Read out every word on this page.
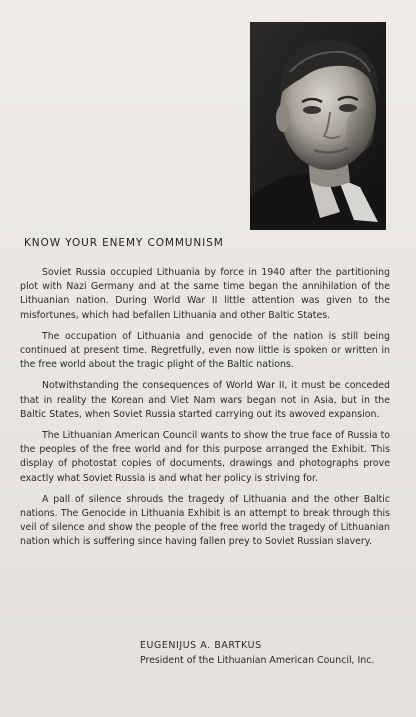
KNOW YOUR ENEMY COMMUNISM

Soviet Russia occupied Lithuania by force in 1940 after the partitioning plot with Nazi Germany and at the same time began the annihilation of the Lithuanian nation. During World War II little attention was given to the misfortunes, which had befallen Lithuania and other Baltic States.

The occupation of Lithuania and genocide of the nation is still being continued at present time. Regretfully, even now little is spoken or written in the free world about the tragic plight of the Baltic nations.

Notwithstanding the consequences of World War II, it must be conceded that in reality the Korean and Viet Nam wars began not in Asia, but in the Baltic States, when Soviet Russia started carrying out its awoved expansion.

The Lithuanian American Council wants to show the true face of Russia to the peoples of the free world and for this purpose arranged the Exhibit. This display of photostat copies of documents, drawings and photographs prove exactly what Soviet Russia is and what her policy is striving for.

A pall of silence shrouds the tragedy of Lithuania and the other Baltic nations. The Genocide in Lithuania Exhibit is an attempt to break through this veil of silence and show the people of the free world the tragedy of Lithuanian nation which is suffering since having fallen prey to Soviet Russian slavery.

EUGENIJUS A. BARTKUS
President of the Lithuanian American Council, Inc.
